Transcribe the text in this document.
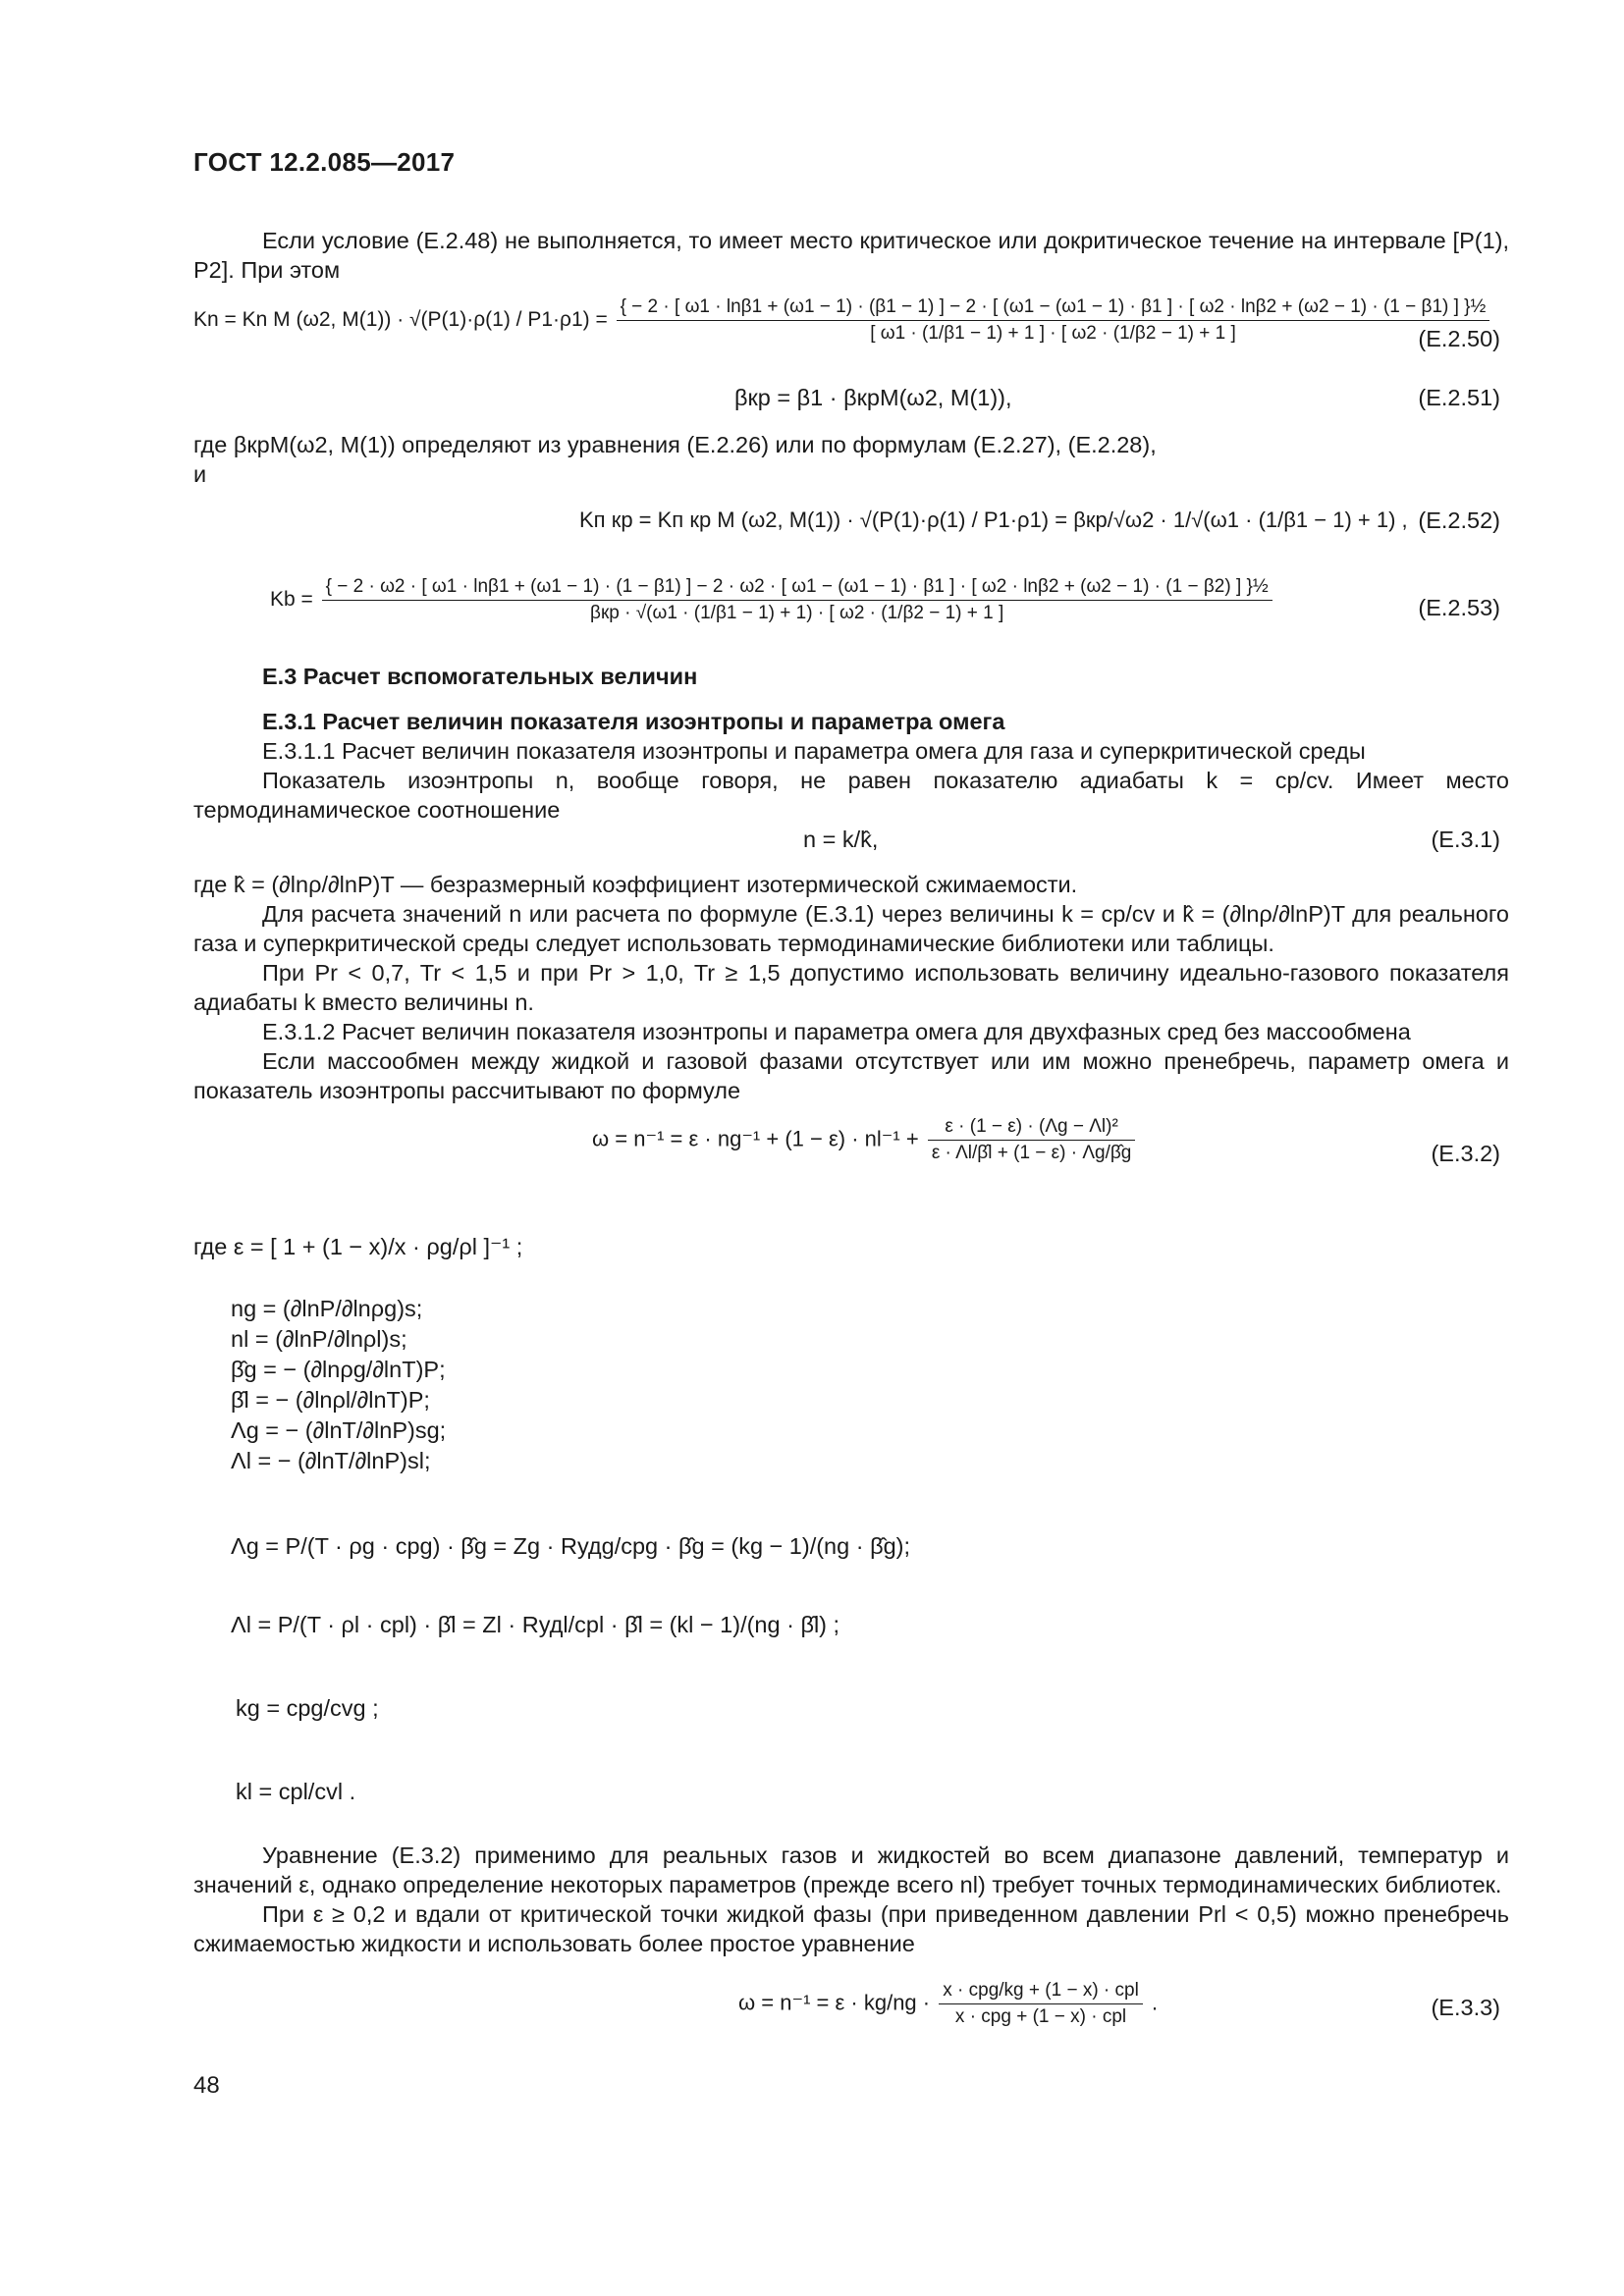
ГОСТ 12.2.085—2017
Если условие (Е.2.48) не выполняется, то имеет место критическое или докритическое течение на интервале [P(1), P2]. При этом
Kn = Kn M (ω2, M(1)) · √(P(1)·ρ(1) / P1·ρ1) =
{ − 2 · [ ω1 · lnβ1 + (ω1 − 1) · (β1 − 1) ] − 2 · [ (ω1 − (ω1 − 1) · β1 ] · [ ω2 · lnβ2 + (ω2 − 1) · (1 − β1) ] }½
[ ω1 · (1/β1 − 1) + 1 ] · [ ω2 · (1/β2 − 1) + 1 ]	(Е.2.50)
βкр = β1 · βкрМ(ω2, M(1)),	(Е.2.51)
где βкрМ(ω2, M(1)) определяют из уравнения (Е.2.26) или по формулам (Е.2.27), (Е.2.28),
и
Kп кр = Kп кр М (ω2, M(1)) · √(P(1)·ρ(1) / P1·ρ1) = βкр/√ω2 · 1/√(ω1 · (1/β1 − 1) + 1) , (Е.2.52)
Kb =
{ − 2 · ω2 · [ ω1 · lnβ1 + (ω1 − 1) · (1 − β1) ] − 2 · ω2 · [ ω1 − (ω1 − 1) · β1 ] · [ ω2 · lnβ2 + (ω2 − 1) · (1 − β2) ] }½
βкр · √(ω1 · (1/β1 − 1) + 1) · [ ω2 · (1/β2 − 1) + 1 ]	(Е.2.53)
Е.3 Расчет вспомогательных величин
Е.3.1 Расчет величин показателя изоэнтропы и параметра омега
Е.3.1.1 Расчет величин показателя изоэнтропы и параметра омега для газа и суперкритической среды
Показатель изоэнтропы n, вообще говоря, не равен показателю адиабаты k = cp/cv. Имеет место термодинамическое соотношение
n = k/k̂,	(Е.3.1)
где k̂ = (∂lnρ/∂lnP)T — безразмерный коэффициент изотермической сжимаемости.
Для расчета значений n или расчета по формуле (Е.3.1) через величины k = cp/cv и k̂ = (∂lnρ/∂lnP)T для реального газа и суперкритической среды следует использовать термодинамические библиотеки или таблицы.
При Pr < 0,7, Tr < 1,5 и при Pr > 1,0, Tr ≥ 1,5 допустимо использовать величину идеально-газового показателя адиабаты k вместо величины n.
Е.3.1.2 Расчет величин показателя изоэнтропы и параметра омега для двухфазных сред без массообмена
Если массообмен между жидкой и газовой фазами отсутствует или им можно пренебречь, параметр омега и показатель изоэнтропы рассчитывают по формуле
$\omega = n^{-1} = \varepsilon \cdot ng^{-1} + (1 - \varepsilon) \cdot nl^{-1} + \frac{\text{ε · (1 − ε) · (Λg − Λl)²}}{\varepsilon \cdot \Lambda l/\betâl + (1 - \varepsilon) \cdot \Lambda g/\betâg}$	(Е.3.2)
где ε = [ 1 + (1 − x)/x · ρg/ρl ]⁻¹ ;
ng = (∂lnP/∂lnρg)s;
nl = (∂lnP/∂lnρl)s;
β̂g = − (∂lnρg/∂lnT)P;
β̂l = − (∂lnρl/∂lnT)P;
Λg = − (∂lnT/∂lnP)sg;
Λl = − (∂lnT/∂lnP)sl;
Λg = P/(T · ρg · cpg) · β̂g = Zg · Rудg/cpg · β̂g = (kg − 1)/(ng · β̂g);
Λl = P/(T · ρl · cpl) · β̂l = Zl · Rудl/cpl · β̂l = (kl − 1)/(ng · β̂l) ;
kg = cpg/cvg ;
kl = cpl/cvl .
Уравнение (Е.3.2) применимо для реальных газов и жидкостей во всем диапазоне давлений, температур и значений ε, однако определение некоторых параметров (прежде всего nl) требует точных термодинамических библиотек.
При ε ≥ 0,2 и вдали от критической точки жидкой фазы (при приведенном давлении Prl < 0,5) можно пренебречь сжимаемостью жидкости и использовать более простое уравнение
$\omega = n^{-1} = \varepsilon \cdot kg/ng \cdot \frac{\text{x · cpg/kg + (1 − x) · cpl}}{\text{x · cpg + (1 − x) · cpl}}$ .	(Е.3.3)
48
